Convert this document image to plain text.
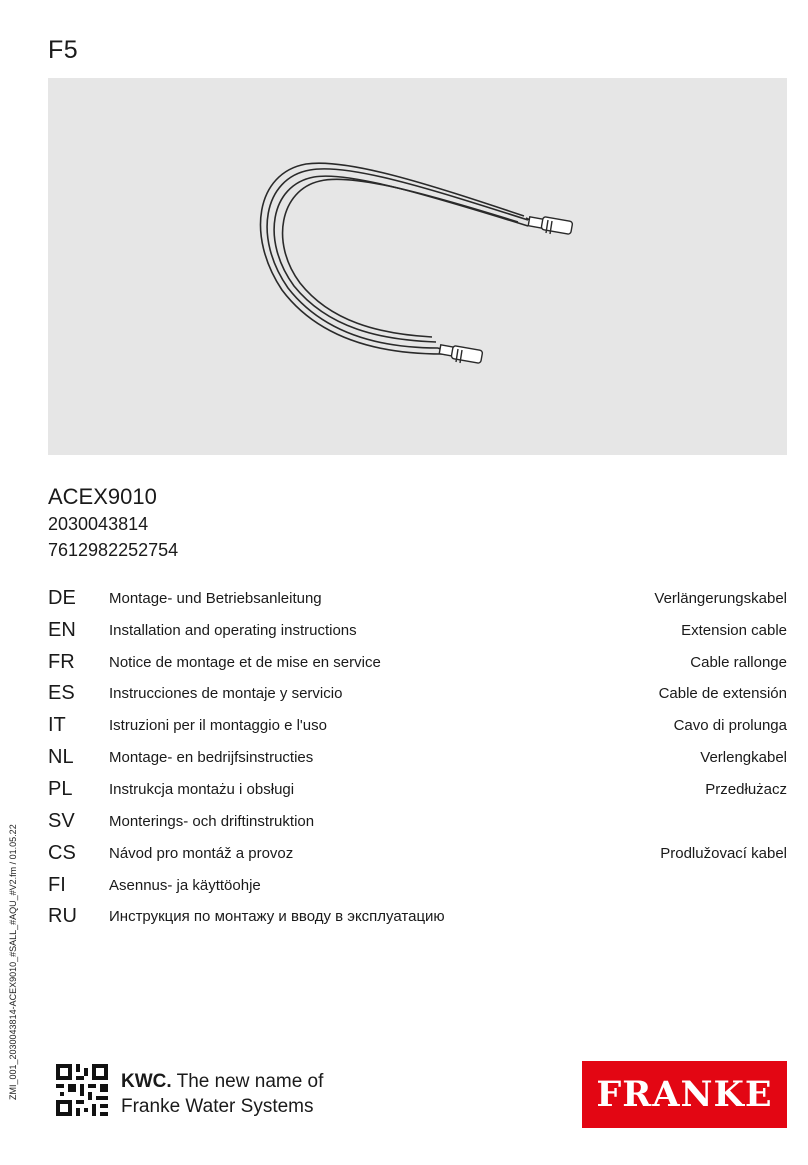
F5
ACEX9010
2030043814
7612982252754
DE Montage- und Betriebsanleitung	Verlängerungskabel
EN Installation and operating instructions	Extension cable
FR Notice de montage et de mise en service	Cable rallonge
ES Instrucciones de montaje y servicio	Cable de extensión
IT	Istruzioni per il montaggio e l'uso	Cavo di prolunga
NL Montage- en bedrijfsinstructies	Verlengkabel
PL Instrukcja montażu i obsługi	Przedłużacz
SV Monterings- och driftinstruktion
CS Návod pro montáž a provoz	Prodlužovací kabel
FI	Asennus- ja käyttöohje
RU Инструкция по монтажу и вводу в эксплуатацию
ZMI_001_2030043814-ACEX9010_#SALL_#AQU_#V2.fm / 01.05.22	KWC. The new name of
Franke Water Systems	FRANKE
